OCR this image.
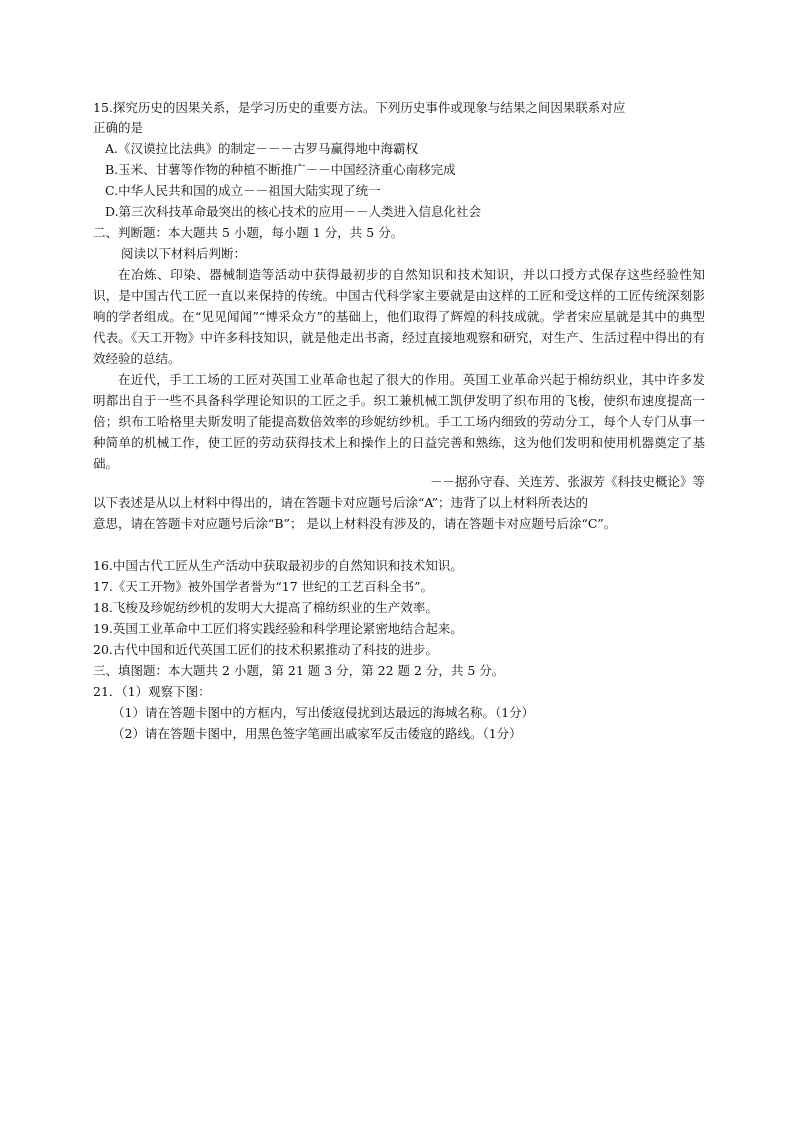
15.探究历史的因果关系，是学习历史的重要方法。下列历史事件或现象与结果之间因果联系对应
正确的是
A.《汉谟拉比法典》的制定－－－古罗马赢得地中海霸权
B.玉米、甘薯等作物的种植不断推广－－中国经济重心南移完成
C.中华人民共和国的成立－－祖国大陆实现了统一
D.第三次科技革命最突出的核心技术的应用－－人类进入信息化社会
二、判断题：本大题共 5 小题，每小题 1 分，共 5 分。
阅读以下材料后判断：
在冶炼、印染、器械制造等活动中获得最初步的自然知识和技术知识，并以口授方式保存这些经验性知识，是中国古代工匠一直以来保持的传统。中国古代科学家主要就是由这样的工匠和受这样的工匠传统深刻影响的学者组成。在“见见闻闻”“博采众方”的基础上，他们取得了辉煌的科技成就。学者宋应星就是其中的典型代表。《天工开物》中许多科技知识，就是他走出书斋，经过直接地观察和研究，对生产、生活过程中得出的有效经验的总结。
在近代，手工工场的工匠对英国工业革命也起了很大的作用。英国工业革命兴起于棉纺织业，其中许多发明都出自于一些不具备科学理论知识的工匠之手。织工兼机械工凯伊发明了织布用的飞梭，使织布速度提高一倍；织布工哈格里夫斯发明了能提高数倍效率的珍妮纺纱机。手工工场内细致的劳动分工，每个人专门从事一种简单的机械工作，使工匠的劳动获得技术上和操作上的日益完善和熟练，这为他们发明和使用机器奠定了基础。
－－据孙守春、关连芳、张淑芳《科技史概论》等
以下表述是从以上材料中得出的，请在答题卡对应题号后涂“A”；违背了以上材料所表达的
意思，请在答题卡对应题号后涂“B”； 是以上材料没有涉及的，请在答题卡对应题号后涂“C”。
16.中国古代工匠从生产活动中获取最初步的自然知识和技术知识。
17.《天工开物》被外国学者誉为“17 世纪的工艺百科全书”。
18.飞梭及珍妮纺纱机的发明大大提高了棉纺织业的生产效率。
19.英国工业革命中工匠们将实践经验和科学理论紧密地结合起来。
20.古代中国和近代英国工匠们的技术积累推动了科技的进步。
三、填图题：本大题共 2 小题，第 21 题 3 分，第 22 题 2 分，共 5 分。
21．（1）观察下图：
（1）请在答题卡图中的方框内，写出倭寇侵扰到达最远的海城名称。（1分）
（2）请在答题卡图中，用黑色签字笔画出戚家军反击倭寇的路线。（1分）
